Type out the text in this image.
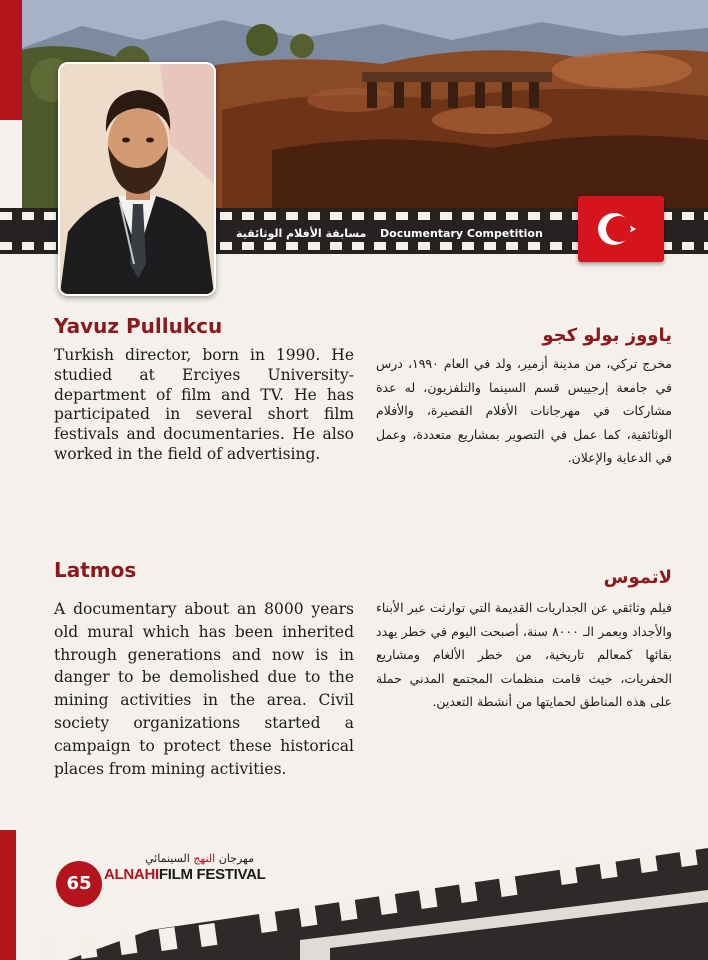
مسابقة الأفلام الوثائقية Documentary Competition
Yavuz Pullukcu	ياووز بولو كجو

Turkish director, born in 1990. He studied at Erciyes University- department of film and TV. He has participated in several short film festivals and documentaries. He also worked in the field of advertising.

مخرج تركي، من مدينة أزمير، ولد في العام ١٩٩٠، درس في جامعة إرجييس قسم السينما والتلفزيون، له عدة مشاركات في مهرجانات الأفلام القصيرة، والأفلام الوثائقية، كما عمل في التصوير بمشاريع متعددة، وعمل في الدعاية والإعلان.

Latmos	لاتموس

A documentary about an 8000 years old mural which has been inherited through generations and now is in danger to be demolished due to the mining activities in the area. Civil society organizations started a campaign to protect these historical places from mining activities.

فيلم وثائقي عن الجداريات القديمة التي توارثت عبر الأبناء والأجداد وبعمر الـ ٨٠٠٠ سنة، أصبحت اليوم في خطر يهدد بقائها كمعالم تاريخية، من خطر الألغام ومشاريع الحفريات، حيث قامت منظمات المجتمع المدني حملة على هذه المناطق لحمايتها من أنشطة التعدين.

65
مهرجان النهج السينمائي
ALNAHIFILM FESTIVAL
